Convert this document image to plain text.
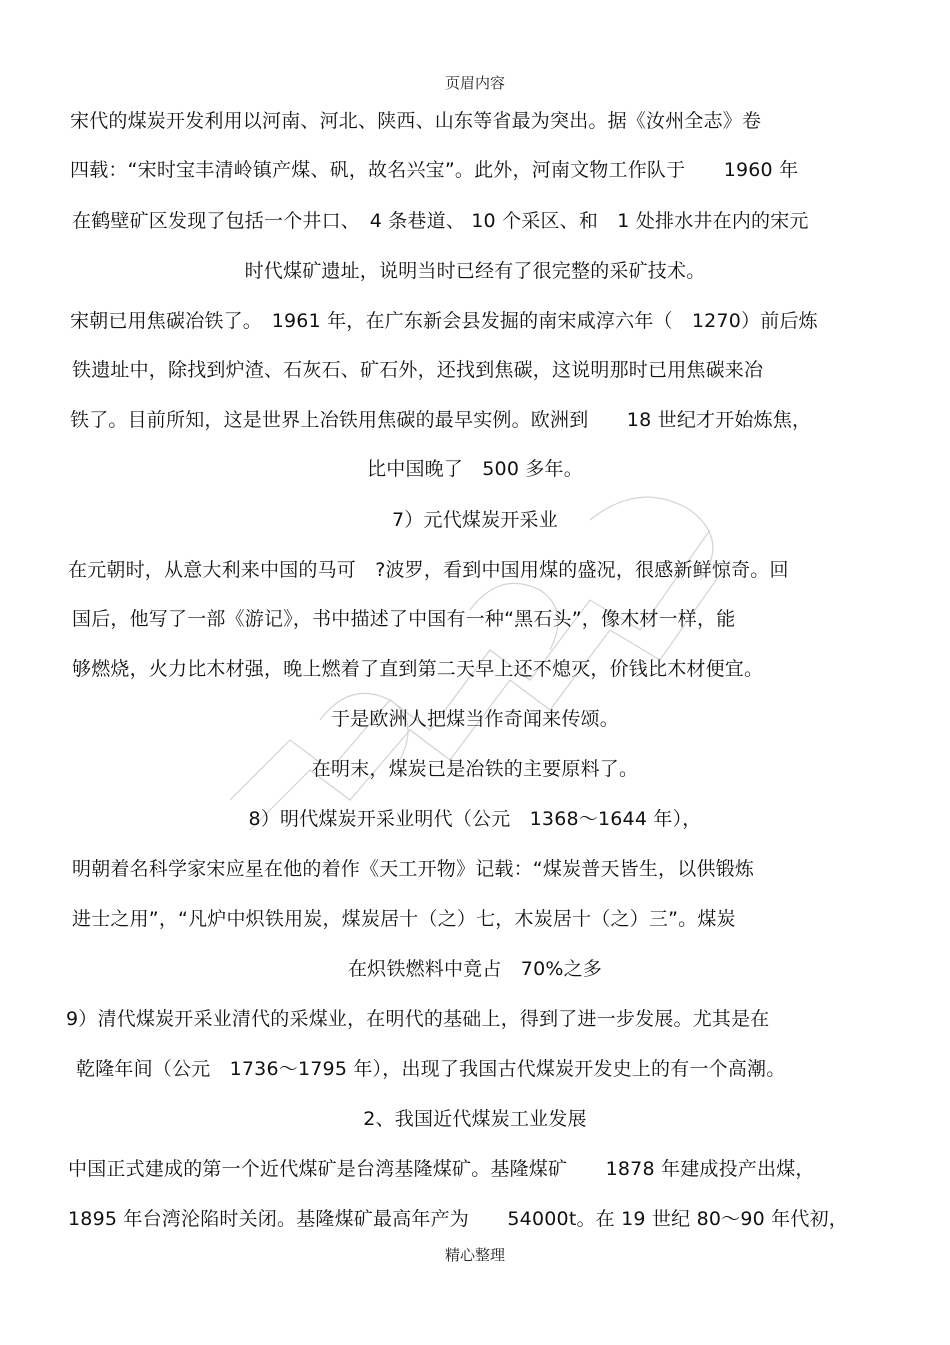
页眉内容
宋代的煤炭开发利用以河南、河北、陕西、山东等省最为突出。据《汝州全志》卷
四载：“宋时宝丰清岭镇产煤、矾，故名兴宝”。此外，河南文物工作队于　　1960 年
在鹤壁矿区发现了包括一个井口、　4 条巷道、 10 个采区、和　1 处排水井在内的宋元
时代煤矿遗址，说明当时已经有了很完整的采矿技术。
宋朝已用焦碳冶铁了。　1961 年，在广东新会县发掘的南宋咸淳六年（　1270）前后炼
铁遗址中，除找到炉渣、石灰石、矿石外，还找到焦碳，这说明那时已用焦碳来冶
铁了。目前所知，这是世界上冶铁用焦碳的最早实例。欧洲到　　18 世纪才开始炼焦，
比中国晚了　500 多年。
7）元代煤炭开采业
在元朝时，从意大利来中国的马可　?波罗，看到中国用煤的盛况，很感新鲜惊奇。回
国后，他写了一部《游记》，书中描述了中国有一种“黑石头”，像木材一样，能
够燃烧，火力比木材强，晚上燃着了直到第二天早上还不熄灭，价钱比木材便宜。
于是欧洲人把煤当作奇闻来传颂。
在明末，煤炭已是冶铁的主要原料了。
8）明代煤炭开采业明代（公元　1368～1644 年），
明朝着名科学家宋应星在他的着作《天工开物》记载：“煤炭普天皆生，以供锻炼
进士之用”，“凡炉中炽铁用炭，煤炭居十（之）七，木炭居十（之）三”。煤炭
在炽铁燃料中竟占　70%之多
9）清代煤炭开采业清代的采煤业，在明代的基础上，得到了进一步发展。尤其是在
乾隆年间（公元　1736～1795 年），出现了我国古代煤炭开发史上的有一个高潮。
2、我国近代煤炭工业发展
中国正式建成的第一个近代煤矿是台湾基隆煤矿。基隆煤矿　　1878 年建成投产出煤，
1895 年台湾沦陷时关闭。基隆煤矿最高年产为　　54000t。在 19 世纪 80～90 年代初，
精心整理
